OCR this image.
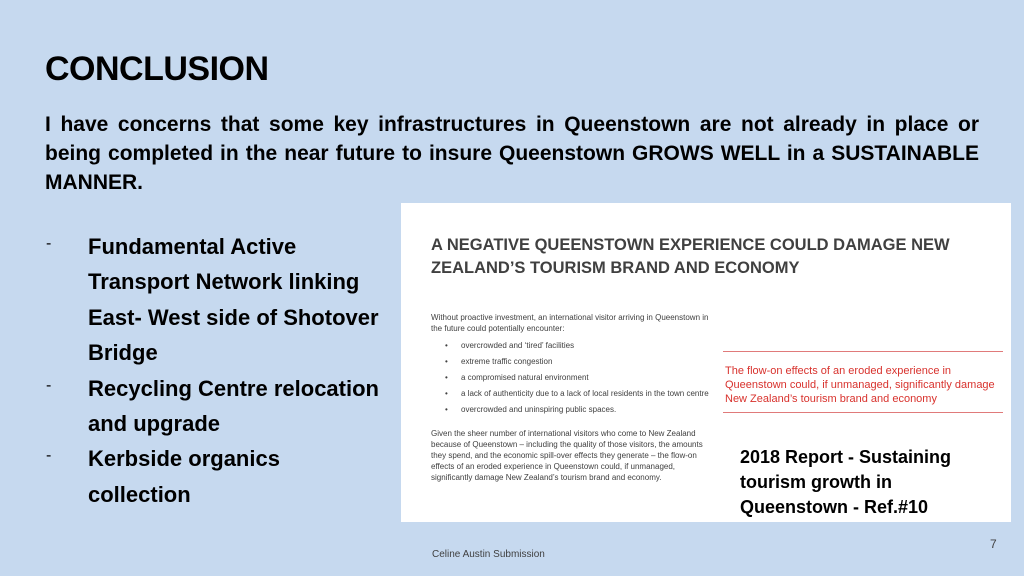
CONCLUSION
I have concerns that some key infrastructures in Queenstown are not already in place or being completed in the near future to insure Queenstown GROWS WELL in a SUSTAINABLE MANNER.
- Fundamental Active Transport Network linking East- West side of Shotover Bridge
- Recycling Centre relocation and upgrade
- Kerbside organics collection
A NEGATIVE QUEENSTOWN EXPERIENCE COULD DAMAGE NEW ZEALAND’S TOURISM BRAND AND ECONOMY
Without proactive investment, an international visitor arriving in Queenstown in the future could potentially encounter:
• overcrowded and ‘tired’ facilities
• extreme traffic congestion
• a compromised natural environment
• a lack of authenticity due to a lack of local residents in the town centre
• overcrowded and uninspiring public spaces.
Given the sheer number of international visitors who come to New Zealand because of Queenstown – including the quality of those visitors, the amounts they spend, and the economic spill-over effects they generate – the flow-on effects of an eroded experience in Queenstown could, if unmanaged, significantly damage New Zealand’s tourism brand and economy.
The flow-on effects of an eroded experience in Queenstown could, if unmanaged, significantly damage New Zealand’s tourism brand and economy
2018 Report - Sustaining tourism growth in Queenstown - Ref.#10
Celine Austin Submission
7
